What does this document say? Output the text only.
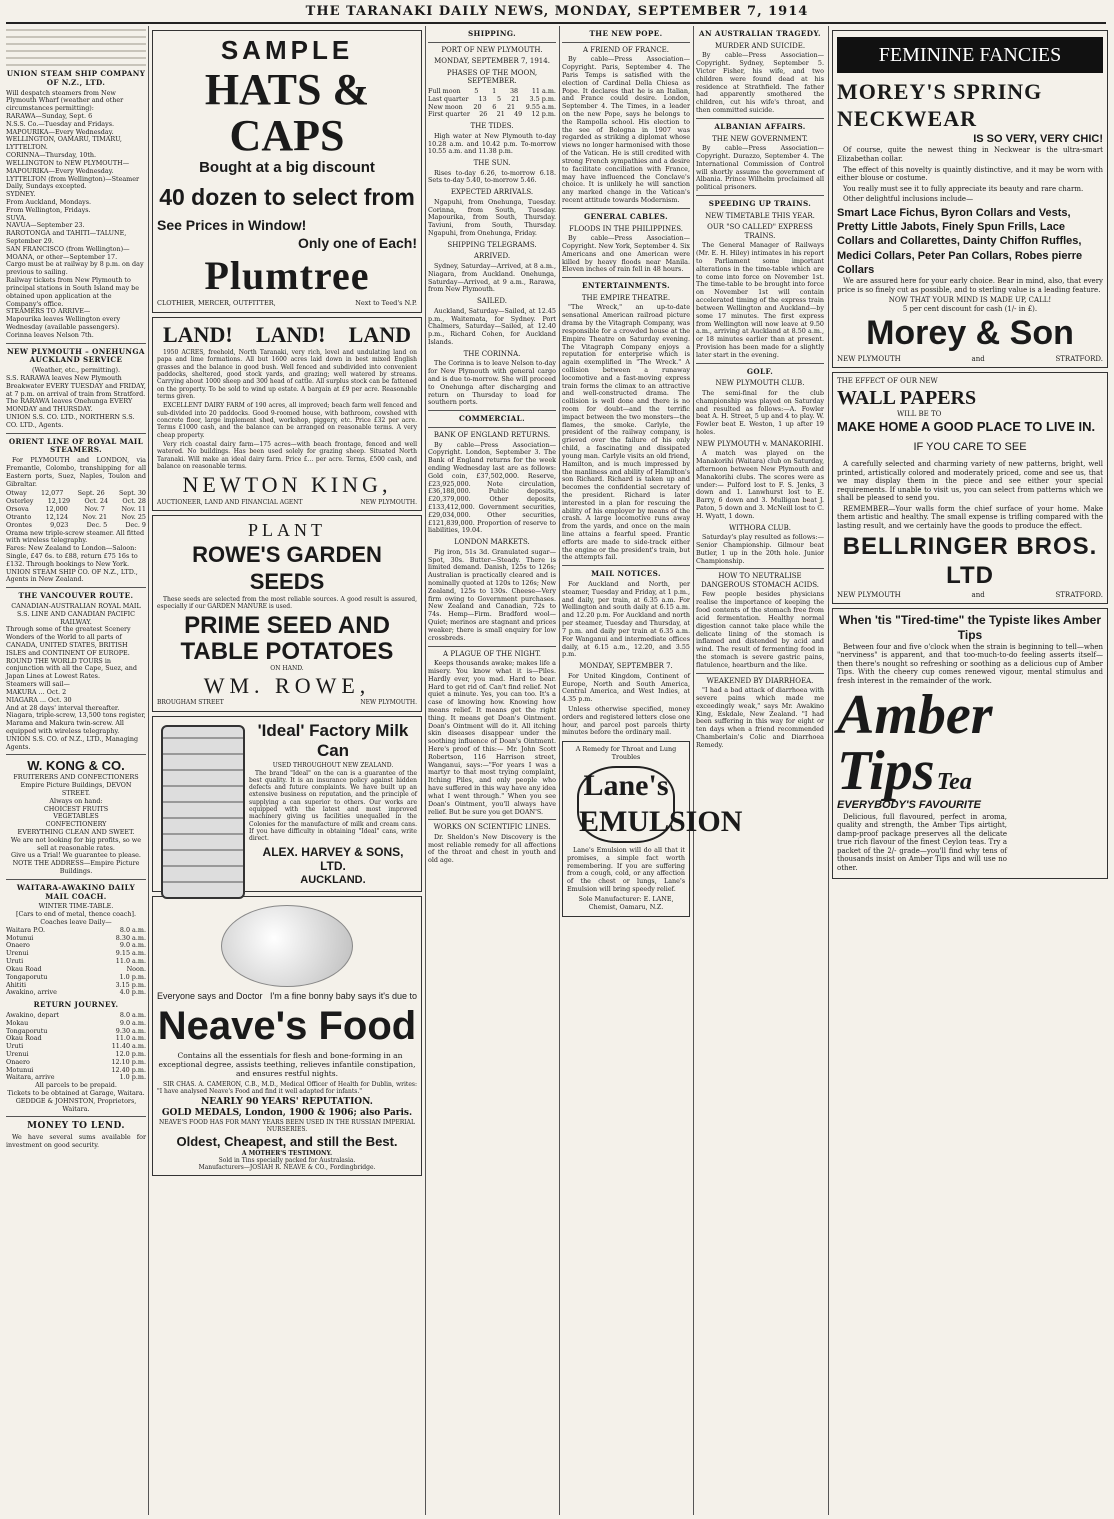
THE TARANAKI DAILY NEWS, MONDAY, SEPTEMBER 7, 1914
UNION STEAM SHIP COMPANY OF N.Z., LTD.
Will despatch steamers from New Plymouth Wharf (weather and other circumstances permitting):
RARAWA—Sunday, Sept. 6
N.S.S. Co.—Tuesday and Fridays.
MAPOURIKA—Every Wednesday.
WELLINGTON, OAMARU, TIMARU, LYTTELTON.
CORINNA—Thursday, 10th.
WELLINGTON to NEW PLYMOUTH—MAPOURIKA—Every Wednesday.
LYTTELTON (from Wellington)—Steamer Daily, Sundays excepted.
SYDNEY.
From Auckland, Mondays.
From Wellington, Fridays.
SUVA.
NAVUA—September 23.
RAROTONGA and TAHITI—TALUNE, September 29.
SAN FRANCISCO (from Wellington)—MOANA, or other—September 17.
Cargo must be at railway by 8 p.m. on day previous to sailing.
Railway tickets from New Plymouth to principal stations in South Island may be obtained upon application at the Company's office.
STEAMERS TO ARRIVE—
Mapourika leaves Wellington every Wednesday (available passengers).
Corinna leaves Nelson 7th.
NEW PLYMOUTH – ONEHUNGA AUCKLAND SERVICE
(Weather, etc., permitting).
S.S. RARAWA leaves New Plymouth Breakwater EVERY TUESDAY and FRIDAY, at 7 p.m. on arrival of train from Stratford.
The RARAWA leaves Onehunga EVERY MONDAY and THURSDAY.
UNION S.S. CO. LTD., NORTHERN S.S. CO. LTD., Agents.
ORIENT LINE OF ROYAL MAIL STEAMERS.
For PLYMOUTH and LONDON, via Fremantle, Colombo, transhipping for all Eastern ports, Suez, Naples, Toulon and Gibraltar.
Otway 12,077 Sept. 26 Sept. 30
Osterley 12,129 Oct. 24 Oct. 28
Orsova	12,000	Nov. 7	Nov. 11
Otranto 12,124 Nov. 21 Nov. 25
Orontes	9,023	Dec. 5	Dec. 9
Orama new triple-screw steamer. All fitted with wireless telegraphy.
Fares: New Zealand to London—Saloon: Single, £47 6s. to £88, return £75 16s to £132. Through bookings to New York.
UNION STEAM SHIP CO. OF N.Z., LTD., Agents in New Zealand.
THE VANCOUVER ROUTE.
CANADIAN-AUSTRALIAN ROYAL MAIL S.S. LINE AND CANADIAN PACIFIC RAILWAY.
Through some of the greatest Scenery Wonders of the World to all parts of CANADA, UNITED STATES, BRITISH ISLES and CONTINENT OF EUROPE. ROUND THE WORLD TOURS in conjunction with all the Cape, Suez, and Japan Lines at Lowest Rates.
Steamers will sail—
MAKURA ... Oct. 2
NIAGARA ... Oct. 30
And at 28 days' interval thereafter.
Niagara, triple-screw, 13,500 tons register, Marama and Makura twin-screw. All equipped with wireless telegraphy.
UNION S.S. CO. of N.Z., LTD., Managing Agents.
W. KONG & CO.
FRUITERERS AND CONFECTIONERS
Empire Picture Buildings, DEVON STREET.
Always on hand:
CHOICEST FRUITS
VEGETABLES
CONFECTIONERY
EVERYTHING CLEAN AND SWEET.
We are not looking for big profits, so we sell at reasonable rates.
Give us a Trial! We guarantee to please.
NOTE THE ADDRESS—Empire Picture Buildings.
WAITARA-AWAKINO DAILY MAIL COACH.
WINTER TIME-TABLE.
[Cars to end of metal, thence coach]. Coaches leave Daily—
Waitara P.O.	8.0 a.m.
Motunui	8.30 a.m.
Onaero	9.0 a.m.
Urenui	9.15 a.m.
Uruti	11.0 a.m.
Okau Road	Noon.
Tongaporutu	1.0 p.m.
Ahititi	3.15 p.m.
Awakino, arrive	4.0 p.m.
RETURN JOURNEY.
Awakino, depart	8.0 a.m.
Mokau	9.0 a.m.
Tongaporutu	9.30 a.m.
Okau Road	11.0 a.m.
Uruti	11.40 a.m.
Urenui	12.0 p.m.
Onaero	12.10 p.m.
Motunui	12.40 p.m.
Waitara, arrive	1.0 p.m.
All parcels to be prepaid.
Tickets to be obtained at Garage, Waitara.
GEDDGE & JOHNSTON, Proprietors, Waitara.
MONEY TO LEND.
We have several sums available for investment on good security.
SAMPLE
HATS & CAPS
Bought at a big discount
40 dozen to select from
See Prices in Window!
Only one of Each!
Plumtree
CLOTHIER, MERCER, OUTFITTER,	Next to Teed's N.P.
LAND! LAND! LAND
1950 ACRES, freehold, North Taranaki, very rich, level and undulating land on papa and lime formations. All but 1600 acres laid down in best mixed English grasses and the balance in good bush. Well fenced and subdivided into convenient paddocks, sheltered, good stock yards, and grazing; well watered by streams. Carrying about 1000 sheep and 300 head of cattle. All surplus stock can be fattened on the property. To be sold to wind up estate. A bargain at £9 per acre. Reasonable terms given.
EXCELLENT DAIRY FARM of 190 acres, all improved; beach farm well fenced and sub-divided into 20 paddocks. Good 9-roomed house, with bathroom, cowshed with concrete floor, large implement shed, workshop, piggery, etc. Price £32 per acre. Terms £1000 cash, and the balance can be arranged on reasonable terms. A very cheap property.
Very rich coastal dairy farm—175 acres—with beach frontage, fenced and well watered. No buildings. Has been used solely for grazing sheep. Situated North Taranaki. Will make an ideal dairy farm. Price £... per acre. Terms, £500 cash, and balance on reasonable terms.
NEWTON KING,
AUCTIONEER, LAND AND FINANCIAL AGENT	NEW PLYMOUTH.
PLANT
ROWE'S GARDEN SEEDS
These seeds are selected from the most reliable sources. A good result is assured, especially if our GARDEN MANURE is used.
PRIME SEED AND TABLE POTATOES
ON HAND.
WM. ROWE,
BROUGHAM STREET	NEW PLYMOUTH.
'Ideal' Factory Milk Can
USED THROUGHOUT NEW ZEALAND.
The brand "Ideal" on the can is a guarantee of the best quality. It is an insurance policy against hidden defects and future complaints. We have built up an extensive business on reputation, and the principle of supplying a can superior to others. Our works are equipped with the latest and most improved machinery giving us facilities unequalled in the Colonies for the manufacture of milk and cream cans. If you have difficulty in obtaining "Ideal" cans, write direct.
ALEX. HARVEY & SONS, LTD.
AUCKLAND.
Everyone says and Doctor I'm a fine bonny baby says it's due to
Neave's Food
Contains all the essentials for flesh and bone-forming in an exceptional degree, assists teething, relieves infantile constipation, and ensures restful nights.
SIR CHAS. A. CAMERON, C.B., M.D., Medical Officer of Health for Dublin, writes: "I have analysed Neave's Food and find it well adapted for infants."
NEARLY 90 YEARS' REPUTATION.
GOLD MEDALS, London, 1900 & 1906; also Paris.
NEAVE'S FOOD HAS FOR MANY YEARS BEEN USED IN THE RUSSIAN IMPERIAL NURSERIES.
Oldest, Cheapest, and still the Best.
A MOTHER'S TESTIMONY.
Sold in Tins specially packed for Australasia.
Manufacturers—JOSIAH R. NEAVE & CO., Fordingbridge.
SHIPPING.
PORT OF NEW PLYMOUTH.
MONDAY, SEPTEMBER 7, 1914.
PHASES OF THE MOON, SEPTEMBER.
Full moon 5 1 38 11 a.m.
Last quarter 13 5 21 3.5 p.m.
New moon 20 6 21 9.55 a.m.
First quarter 26 21 49 12 p.m.
THE TIDES.
High water at New Plymouth to-day 10.28 a.m. and 10.42 p.m. To-morrow 10.55 a.m. and 11.38 p.m.
THE SUN.
Rises to-day 6.26, to-morrow 6.18. Sets to-day 5.40, to-morrow 5.46.
EXPECTED ARRIVALS.
Ngapuhi, from Onehunga, Tuesday. Corinna, from South, Tuesday. Mapourika, from South, Thursday. Taviuni, from South, Thursday. Ngapuhi, from Onehunga, Friday.
SHIPPING TELEGRAMS.
ARRIVED.
Sydney, Saturday—Arrived, at 8 a.m., Niagara, from Auckland. Onehunga, Saturday—Arrived, at 9 a.m., Rarawa, from New Plymouth.
SAILED.
Auckland, Saturday—Sailed, at 12.45 p.m., Waitemata, for Sydney. Port Chalmers, Saturday—Sailed, at 12.40 p.m., Richard Cohen, for Auckland Islands.
THE CORINNA.
The Corinna is to leave Nelson to-day for New Plymouth with general cargo and is due to-morrow. She will proceed to Onehunga after discharging and return on Thursday to load for southern ports.
COMMERCIAL.
BANK OF ENGLAND RETURNS.
By cable—Press Association—Copyright. London, September 3. The Bank of England returns for the week ending Wednesday last are as follows: Gold coin, £37,502,000. Reserve, £23,925,000. Note circulation, £36,188,000. Public deposits, £20,379,000. Other deposits, £133,412,000. Government securities, £29,034,000. Other securities, £121,839,000. Proportion of reserve to liabilities, 19.04.
LONDON MARKETS.
Pig iron, 51s 3d. Granulated sugar—Spot, 30s. Butter—Steady. There is limited demand. Danish, 125s to 126s; Australian is practically cleared and is nominally quoted at 120s to 126s; New Zealand, 125s to 130s. Cheese—Very firm owing to Government purchases. New Zealand and Canadian, 72s to 74s. Hemp—Firm. Bradford wool—Quiet; merinos are stagnant and prices weaker; there is small enquiry for low crossbreds.
A PLAGUE OF THE NIGHT.
Keeps thousands awake; makes life a misery. You know what it is—Piles. Hardly ever, you mad. Hard to bear. Hard to get rid of. Can't find relief. Not quiet a minute. Yes, you can too. It's a case of knowing how. Knowing how means relief. It means get the right thing. It means get Doan's Ointment. Doan's Ointment will do it. All itching skin diseases disappear under the soothing influence of Doan's Ointment. Here's proof of this:— Mr. John Scott Robertson, 116 Harrison street, Wanganui, says:—"For years I was a martyr to that most trying complaint, Itching Piles, and only people who have suffered in this way have any idea what I went through." When you see Doan's Ointment, you'll always have relief. But be sure you get DOAN'S.
WORKS ON SCIENTIFIC LINES.
Dr. Sheldon's New Discovery is the most reliable remedy for all affections of the throat and chest in youth and old age.
THE NEW POPE.
A FRIEND OF FRANCE.
By cable—Press Association—Copyright. Paris, September 4. The Paris Temps is satisfied with the election of Cardinal Della Chiesa as Pope. It declares that he is an Italian, and France could desire. London, September 4. The Times, in a leader on the new Pope, says he belongs to the Rampolla school. His election to the see of Bologna in 1907 was regarded as striking a diplomat whose views no longer harmonised with those of the Vatican. He is still credited with strong French sympathies and a desire to facilitate conciliation with France, may have influenced the Conclave's choice. It is unlikely he will sanction any marked change in the Vatican's recent attitude towards Modernism.
GENERAL CABLES.
FLOODS IN THE PHILIPPINES.
By cable—Press Association—Copyright. New York, September 4. Six Americans and one American were killed by heavy floods near Manila. Eleven inches of rain fell in 48 hours.
ENTERTAINMENTS.
THE EMPIRE THEATRE.
"The Wreck," an up-to-date sensational American railroad picture drama by the Vitagraph Company, was responsible for a crowded house at the Empire Theatre on Saturday evening. The Vitagraph Company enjoys a reputation for enterprise which is again exemplified in "The Wreck." A collision between a runaway locomotive and a fast-moving express train forms the climax to an attractive and well-constructed drama. The collision is well done and there is no room for doubt—and the terrific impact between the two monsters—the flames, the smoke. Carlyle, the president of the railway company, is grieved over the failure of his only child, a fascinating and dissipated young man. Carlyle visits an old friend, Hamilton, and is much impressed by the manliness and ability of Hamilton's son Richard. Richard is taken up and becomes the confidential secretary of the president. Richard is later interested in a plan for rescuing the ability of his employer by means of the crash. A large locomotive runs away from the yards, and once on the main line attains a fearful speed. Frantic efforts are made to side-track either the engine or the president's train, but the attempts fail.
MAIL NOTICES.
For Auckland and North, per steamer, Tuesday and Friday, at 1 p.m., and daily, per train, at 6.35 a.m. For Wellington and south daily at 6.15 a.m. and 12.20 p.m. For Auckland and north per steamer, Tuesday and Thursday, at 7 p.m. and daily per train at 6.35 a.m. For Wanganui and intermediate offices daily, at 6.15 a.m., 12.20, and 3.55 p.m.
MONDAY, SEPTEMBER 7.
For United Kingdom, Continent of Europe, North and South America, Central America, and West Indies, at 4.35 p.m.
Unless otherwise specified, money orders and registered letters close one hour, and parcel post parcels thirty minutes before the ordinary mail.
A Remedy for Throat and Lung Troubles
Lane's EMULSION
Lane's Emulsion will do all that it promises, a simple fact worth remembering. If you are suffering from a cough, cold, or any affection of the chest or lungs, Lane's Emulsion will bring speedy relief.
Sole Manufacturer: E. LANE, Chemist, Oamaru, N.Z.
AN AUSTRALIAN TRAGEDY.
MURDER AND SUICIDE.
By cable—Press Association—Copyright. Sydney, September 5. Victor Fisher, his wife, and two children were found dead at his residence at Strathfield. The father had apparently smothered the children, cut his wife's throat, and then committed suicide.
ALBANIAN AFFAIRS.
THE NEW GOVERNMENT.
By cable—Press Association—Copyright. Durazzo, September 4. The International Commission of Control will shortly assume the government of Albania. Prince Wilhelm proclaimed all political prisoners.
SPEEDING UP TRAINS.
NEW TIMETABLE THIS YEAR.
OUR "SO CALLED" EXPRESS TRAINS.
The General Manager of Railways (Mr. E. H. Hiley) intimates in his report to Parliament some important alterations in the time-table which are to come into force on November 1st. The time-table to be brought into force on November 1st will contain accelerated timing of the express train between Wellington and Auckland—by some 17 minutes. The first express from Wellington will now leave at 9.50 a.m., arriving at Auckland at 8.50 a.m., or 18 minutes earlier than at present. Provision has been made for a slightly later start in the evening.
GOLF.
NEW PLYMOUTH CLUB.
The semi-final for the club championship was played on Saturday and resulted as follows:—A. Fowler beat A. H. Street, 5 up and 4 to play. W. Fowler beat E. Weston, 1 up after 19 holes.
NEW PLYMOUTH v. MANAKORIHI.
A match was played on the Manakorihi (Waitara) club on Saturday, afternoon between New Plymouth and Manakorihi clubs. The scores were as under:— Pulford lost to F. S. Jenks, 3 down and 1. Lanwhurst lost to E. Barry, 6 down and 3. Mulligan beat J. Paton, 5 down and 3. McNeill lost to C. H. Wyatt, 1 down.
WITHORA CLUB.
Saturday's play resulted as follows:— Senior Championship. Gilmour beat Butler, 1 up in the 20th hole. Junior Championship.
HOW TO NEUTRALISE DANGEROUS STOMACH ACIDS.
Few people besides physicians realise the importance of keeping the food contents of the stomach free from acid fermentation. Healthy normal digestion cannot take place while the delicate lining of the stomach is inflamed and distended by acid and wind. The result of fermenting food in the stomach is severe gastric pains, flatulence, heartburn and the like.
WEAKENED BY DIARRHOEA.
"I had a bad attack of diarrhoea with severe pains which made me exceedingly weak," says Mr. Awakino King, Eskdale, New Zealand. "I had been suffering in this way for eight or ten days when a friend recommended Chamberlain's Colic and Diarrhoea Remedy.
FEMININE FANCIES
MOREY'S SPRING NECKWEAR
IS SO VERY, VERY CHIC!
Of course, quite the newest thing in Neckwear is the ultra-smart Elizabethan collar.
The effect of this novelty is quaintly distinctive, and it may be worn with either blouse or costume.
You really must see it to fully appreciate its beauty and rare charm.
Other delightful inclusions include—
Smart Lace Fichus, Byron Collars and Vests, Pretty Little Jabots, Finely Spun Frills, Lace Collars and Collarettes, Dainty Chiffon Ruffles, Medici Collars, Peter Pan Collars, Robes pierre Collars
We are assured here for your early choice. Bear in mind, also, that every price is so finely cut as possible, and to sterling value is a leading feature.
NOW THAT YOUR MIND IS MADE UP, CALL!
5 per cent discount for cash (1/- in £).
Morey & Son
NEW PLYMOUTH	and	STRATFORD.
THE EFFECT OF OUR NEW
WALL PAPERS
WILL BE TO
MAKE HOME A GOOD PLACE TO LIVE IN.
IF YOU CARE TO SEE
A carefully selected and charming variety of new patterns, bright, well printed, artistically colored and moderately priced, come and see us, that we may display them in the piece and see either your special requirements. If unable to visit us, you can select from patterns which we shall be pleased to send you.
REMEMBER—Your walls form the chief surface of your home. Make them artistic and healthy. The small expense is trifling compared with the lasting result, and we certainly have the goods to produce the effect.
BELLRINGER BROS. LTD
NEW PLYMOUTH	and	STRATFORD.
When 'tis "Tired-time" the Typiste likes Amber Tips
Between four and five o'clock when the strain is beginning to tell—when "nerviness" is apparent, and that too-much-to-do feeling asserts itself—then there's nought so refreshing or soothing as a delicious cup of Amber Tips. With the cheery cup comes renewed vigour, mental stimulus and fresh interest in the remainder of the work.
Amber Tips Tea
EVERYBODY'S FAVOURITE
Delicious, full flavoured, perfect in aroma, quality and strength, the Amber Tips airtight, damp-proof package preserves all the delicate true rich flavour of the finest Ceylon teas. Try a packet of the 2/- grade—you'll find why tens of thousands insist on Amber Tips and will use no other.
